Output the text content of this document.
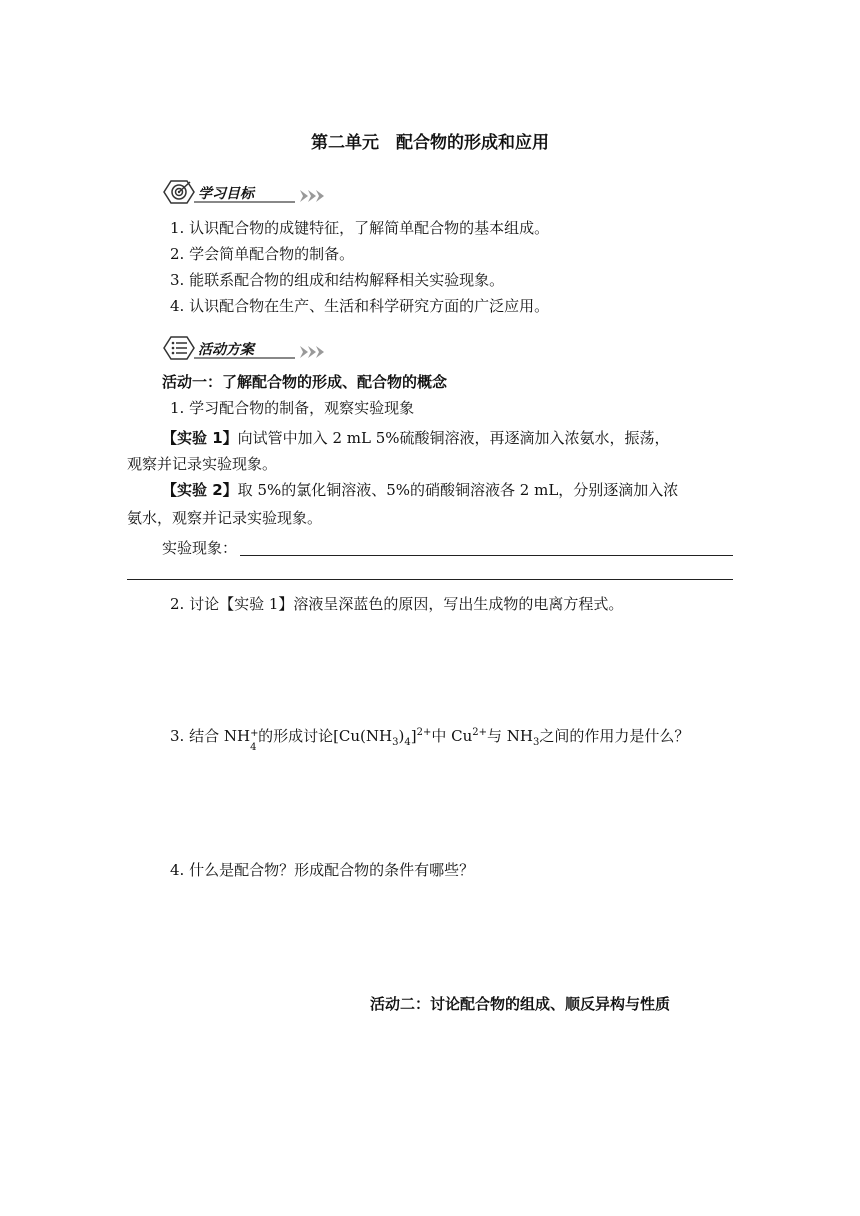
第二单元　配合物的形成和应用
学习目标
1. 认识配合物的成键特征，了解简单配合物的基本组成。
2. 学会简单配合物的制备。
3. 能联系配合物的组成和结构解释相关实验现象。
4. 认识配合物在生产、生活和科学研究方面的广泛应用。
活动方案
活动一：了解配合物的形成、配合物的概念
1. 学习配合物的制备，观察实验现象
【实验 1】向试管中加入 2 mL 5%硫酸铜溶液，再逐滴加入浓氨水，振荡，
观察并记录实验现象。
【实验 2】取 5%的氯化铜溶液、5%的硝酸铜溶液各 2 mL，分别逐滴加入浓
氨水，观察并记录实验现象。
实验现象：
2. 讨论【实验 1】溶液呈深蓝色的原因，写出生成物的电离方程式。
3. 结合 NH +
4
的形成讨论$[Cu(NH_3)_4]^{2+}$中 $Cu^{2+}$与 $NH_3$之间的作用力是什么？
4. 什么是配合物？形成配合物的条件有哪些？
活动二：讨论配合物的组成、顺反异构与性质
